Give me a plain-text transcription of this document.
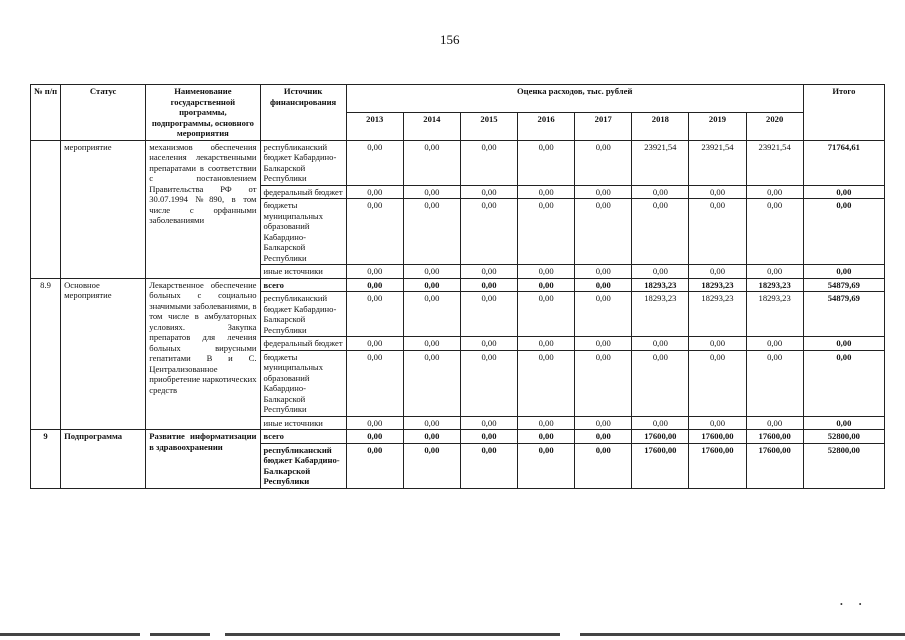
156
№ п/п	Статус	Наименование государственной программы, подпрограммы, основного мероприятия	Источник финансирования	Оценка расходов, тыс. рублей								Итого
				2013	2014	2015	2016	2017	2018	2019	2020	
	мероприятие	механизмов обеспечения населения лекарственными препаратами в соответствии с постановлением Правительства РФ от 30.07.1994 №890, в том числе с орфанными заболеваниями	республиканский бюджет Кабардино-Балкарской Республики	0,00	0,00	0,00	0,00	0,00	23921,54	23921,54	23921,54	71764,61
			федеральный бюджет	0,00	0,00	0,00	0,00	0,00	0,00	0,00	0,00	0,00
			бюджеты муниципальных образований Кабардино-Балкарской Республики	0,00	0,00	0,00	0,00	0,00	0,00	0,00	0,00	0,00
			иные источники	0,00	0,00	0,00	0,00	0,00	0,00	0,00	0,00	0,00
8.9	Основное мероприятие	Лекарственное обеспечение больных с социально значимыми заболеваниями, в том числе в амбулаторных условиях. Закупка препаратов для лечения больных вирусными гепатитами В и С. Централизованное приобретение наркотических средств	всего	0,00	0,00	0,00	0,00	0,00	18293,23	18293,23	18293,23	54879,69
			республиканский бюджет Кабардино-Балкарской Республики	0,00	0,00	0,00	0,00	0,00	18293,23	18293,23	18293,23	54879,69
			федеральный бюджет	0,00	0,00	0,00	0,00	0,00	0,00	0,00	0,00	0,00
			бюджеты муниципальных образований Кабардино-Балкарской Республики	0,00	0,00	0,00	0,00	0,00	0,00	0,00	0,00	0,00
			иные источники	0,00	0,00	0,00	0,00	0,00	0,00	0,00	0,00	0,00
9	Подпрограмма	Развитие информатизации в здравоохранении	всего	0,00	0,00	0,00	0,00	0,00	17600,00	17600,00	17600,00	52800,00
			республиканский бюджет Кабардино-Балкарской Республики	0,00	0,00	0,00	0,00	0,00	17600,00	17600,00	17600,00	52800,00
•        •
